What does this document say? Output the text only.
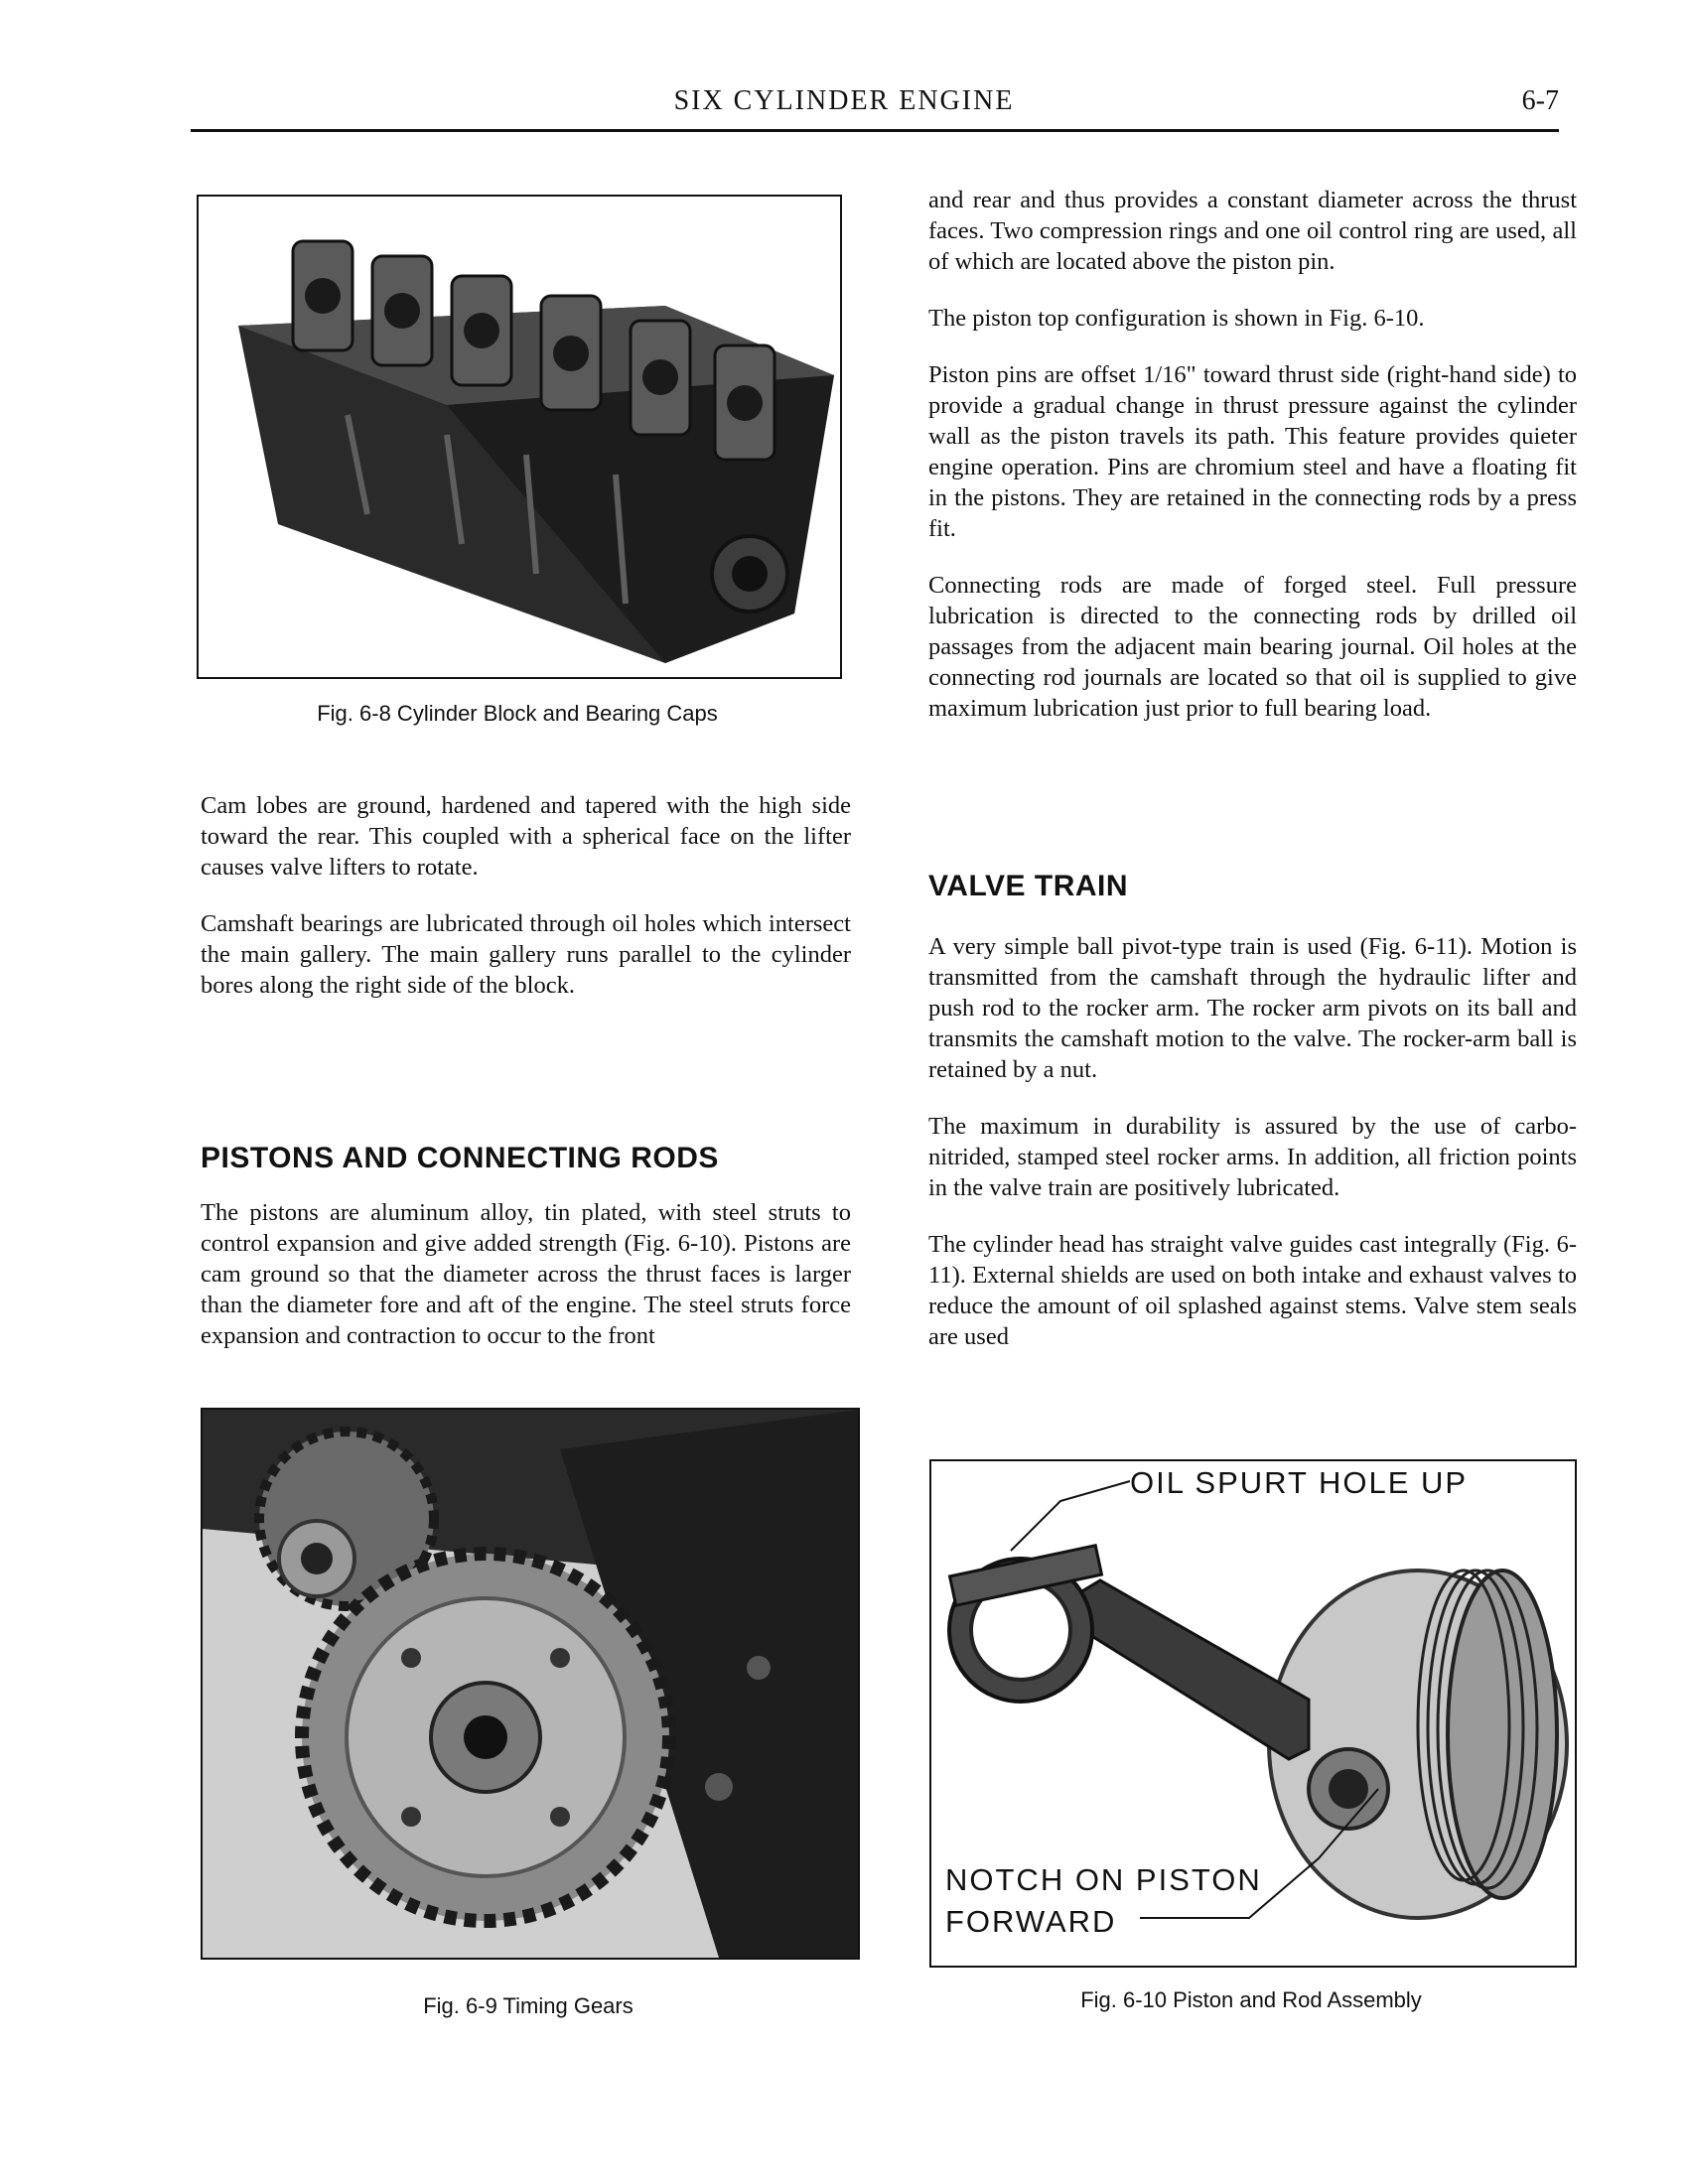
SIX CYLINDER ENGINE	6-7
Fig. 6-8 Cylinder Block and Bearing Caps

Cam lobes are ground, hardened and tapered with the high side toward the rear. This coupled with a spherical face on the lifter causes valve lifters to rotate.

Camshaft bearings are lubricated through oil holes which intersect the main gallery. The main gallery runs parallel to the cylinder bores along the right side of the block.

PISTONS AND CONNECTING RODS

The pistons are aluminum alloy, tin plated, with steel struts to control expansion and give added strength (Fig. 6-10). Pistons are cam ground so that the diameter across the thrust faces is larger than the diameter fore and aft of the engine. The steel struts force expansion and contraction to occur to the front

Fig. 6-9 Timing Gears

and rear and thus provides a constant diameter across the thrust faces. Two compression rings and one oil control ring are used, all of which are located above the piston pin.

The piston top configuration is shown in Fig. 6-10.

Piston pins are offset 1/16" toward thrust side (right-hand side) to provide a gradual change in thrust pressure against the cylinder wall as the piston travels its path. This feature provides quieter engine operation. Pins are chromium steel and have a floating fit in the pistons. They are retained in the connecting rods by a press fit.

Connecting rods are made of forged steel. Full pressure lubrication is directed to the connecting rods by drilled oil passages from the adjacent main bearing journal. Oil holes at the connecting rod journals are located so that oil is supplied to give maximum lubrication just prior to full bearing load.

VALVE TRAIN

A very simple ball pivot-type train is used (Fig. 6-11). Motion is transmitted from the camshaft through the hydraulic lifter and push rod to the rocker arm. The rocker arm pivots on its ball and transmits the camshaft motion to the valve. The rocker-arm ball is retained by a nut.

The maximum in durability is assured by the use of carbo-nitrided, stamped steel rocker arms. In addition, all friction points in the valve train are positively lubricated.

The cylinder head has straight valve guides cast integrally (Fig. 6-11). External shields are used on both intake and exhaust valves to reduce the amount of oil splashed against stems. Valve stem seals are used

OIL SPURT HOLE UP
NOTCH ON PISTON
FORWARD
Fig. 6-10 Piston and Rod Assembly
